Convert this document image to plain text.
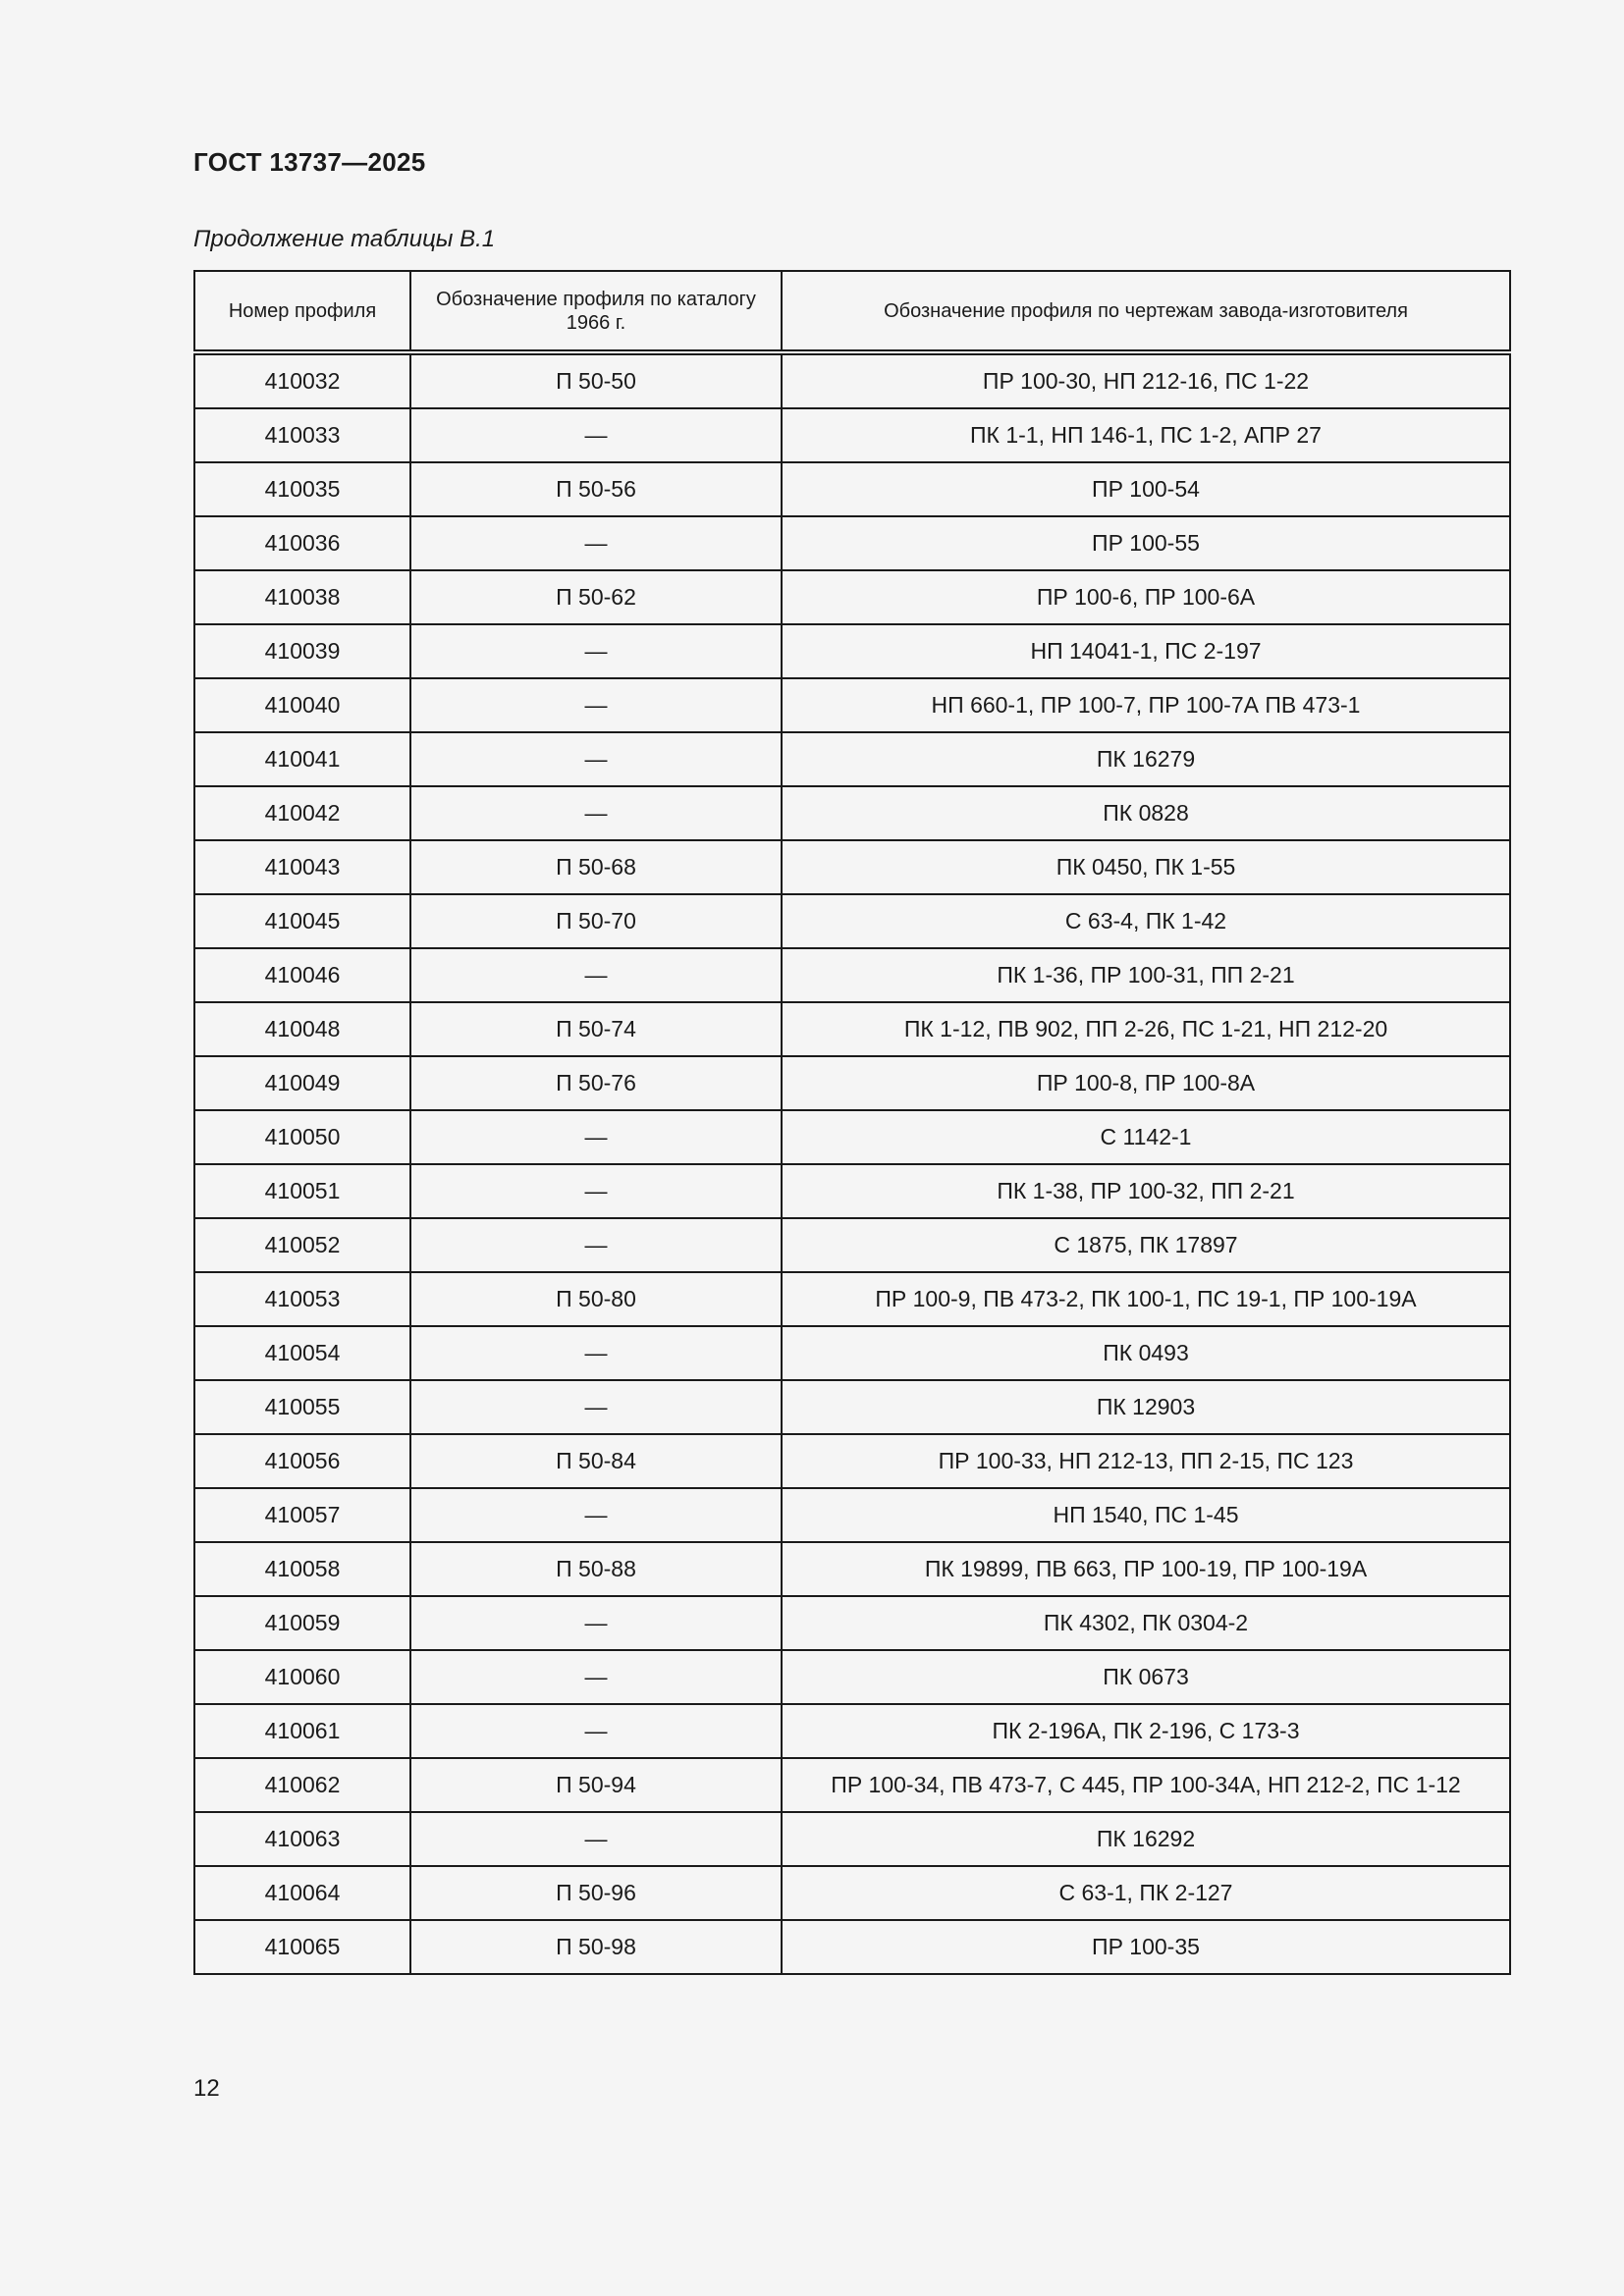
ГОСТ 13737—2025
Продолжение таблицы В.1
Номер профиля	Обозначение профиля по каталогу 1966 г.	Обозначение профиля по чертежам завода-изготовителя
410032	П 50-50	ПР 100-30, НП 212-16, ПС 1-22
410033	—	ПК 1-1, НП 146-1, ПС 1-2, АПР 27
410035	П 50-56	ПР 100-54
410036	—	ПР 100-55
410038	П 50-62	ПР 100-6, ПР 100-6А
410039	—	НП 14041-1, ПС 2-197
410040	—	НП 660-1, ПР 100-7, ПР 100-7А ПВ 473-1
410041	—	ПК 16279
410042	—	ПК 0828
410043	П 50-68	ПК 0450, ПК 1-55
410045	П 50-70	С 63-4, ПК 1-42
410046	—	ПК 1-36, ПР 100-31, ПП 2-21
410048	П 50-74	ПК 1-12, ПВ 902, ПП 2-26, ПС 1-21, НП 212-20
410049	П 50-76	ПР 100-8, ПР 100-8А
410050	—	С 1142-1
410051	—	ПК 1-38, ПР 100-32, ПП 2-21
410052	—	С 1875, ПК 17897
410053	П 50-80	ПР 100-9, ПВ 473-2, ПК 100-1, ПС 19-1, ПР 100-19А
410054	—	ПК 0493
410055	—	ПК 12903
410056	П 50-84	ПР 100-33, НП 212-13, ПП 2-15, ПС 123
410057	—	НП 1540, ПС 1-45
410058	П 50-88	ПК 19899, ПВ 663, ПР 100-19, ПР 100-19А
410059	—	ПК 4302, ПК 0304-2
410060	—	ПК 0673
410061	—	ПК 2-196А, ПК 2-196, С 173-3
410062	П 50-94	ПР 100-34, ПВ 473-7, С 445, ПР 100-34А, НП 212-2, ПС 1-12
410063	—	ПК 16292
410064	П 50-96	С 63-1, ПК 2-127
410065	П 50-98	ПР 100-35
12
